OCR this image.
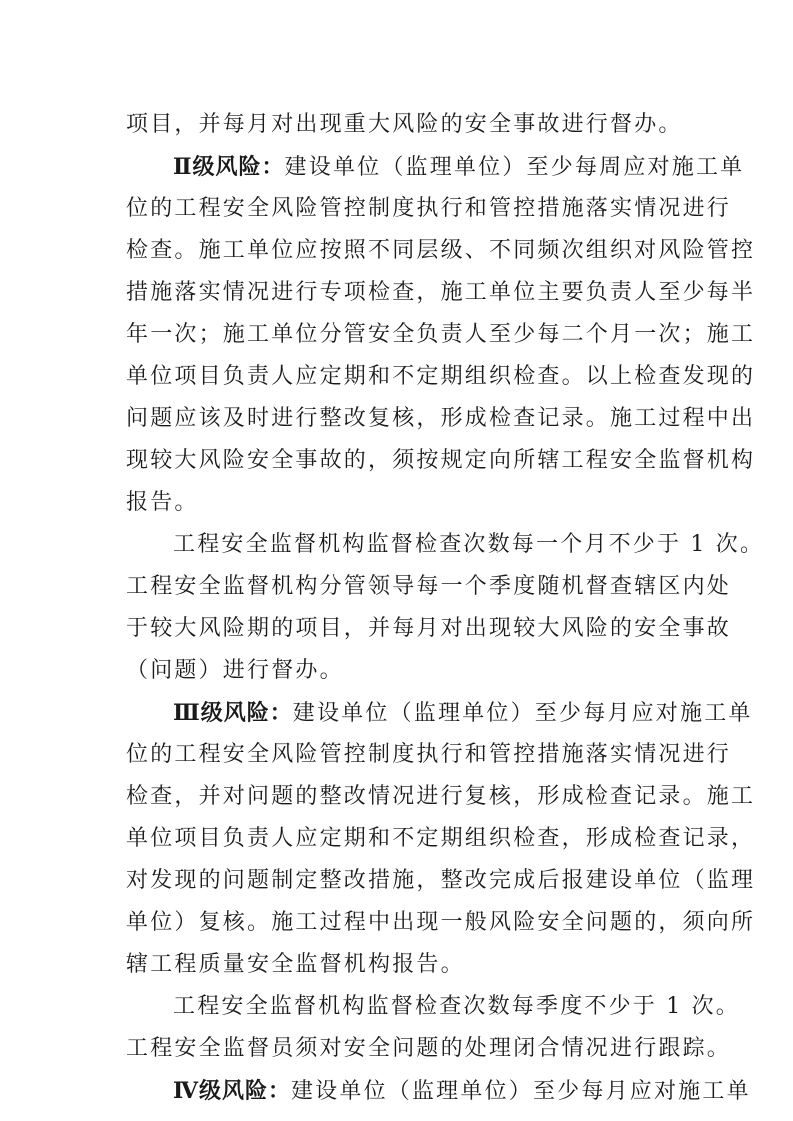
项目，并每月对出现重大风险的安全事故进行督办。
Ⅱ级风险：建设单位（监理单位）至少每周应对施工单
位的工程安全风险管控制度执行和管控措施落实情况进行
检查。施工单位应按照不同层级、不同频次组织对风险管控
措施落实情况进行专项检查，施工单位主要负责人至少每半
年一次；施工单位分管安全负责人至少每二个月一次；施工
单位项目负责人应定期和不定期组织检查。以上检查发现的
问题应该及时进行整改复核，形成检查记录。施工过程中出
现较大风险安全事故的，须按规定向所辖工程安全监督机构
报告。
工程安全监督机构监督检查次数每一个月不少于 1 次。
工程安全监督机构分管领导每一个季度随机督查辖区内处
于较大风险期的项目，并每月对出现较大风险的安全事故
（问题）进行督办。
Ⅲ级风险：建设单位（监理单位）至少每月应对施工单
位的工程安全风险管控制度执行和管控措施落实情况进行
检查，并对问题的整改情况进行复核，形成检查记录。施工
单位项目负责人应定期和不定期组织检查，形成检查记录，
对发现的问题制定整改措施，整改完成后报建设单位（监理
单位）复核。施工过程中出现一般风险安全问题的，须向所
辖工程质量安全监督机构报告。
工程安全监督机构监督检查次数每季度不少于 1 次。
工程安全监督员须对安全问题的处理闭合情况进行跟踪。
Ⅳ级风险：建设单位（监理单位）至少每月应对施工单
